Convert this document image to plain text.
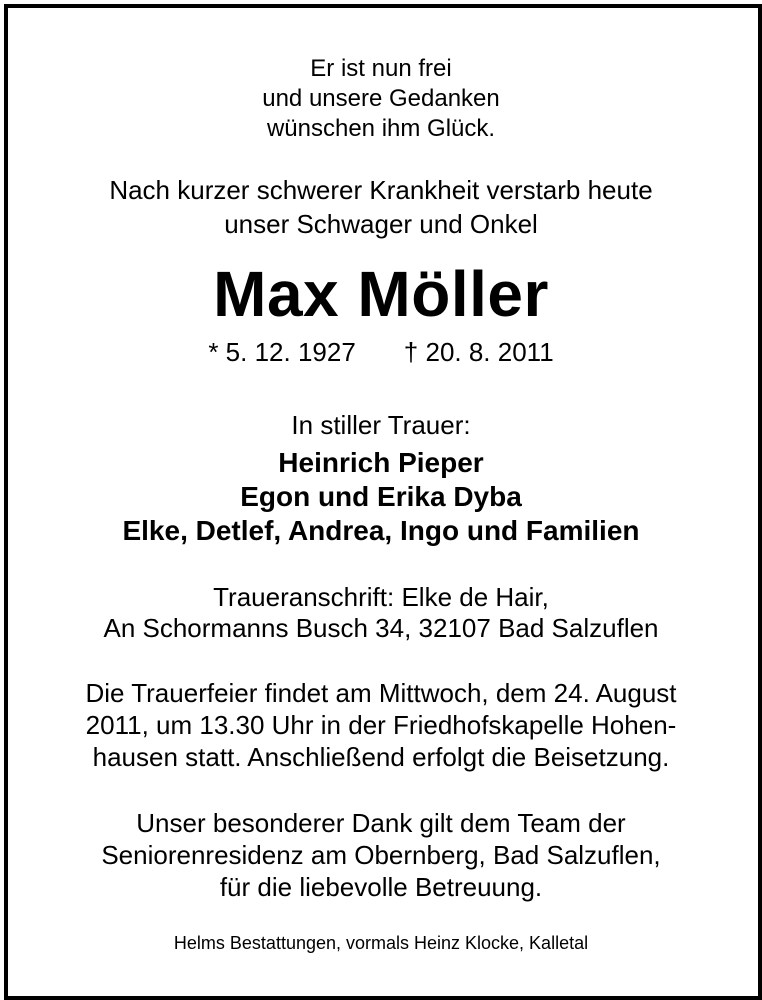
Er ist nun frei
und unsere Gedanken
wünschen ihm Glück.
Nach kurzer schwerer Krankheit verstarb heute
unser Schwager und Onkel
Max Möller
* 5. 12. 1927 † 20. 8. 2011
In stiller Trauer:
Heinrich Pieper
Egon und Erika Dyba
Elke, Detlef, Andrea, Ingo und Familien
Traueranschrift: Elke de Hair,
An Schormanns Busch 34, 32107 Bad Salzuflen
Die Trauerfeier findet am Mittwoch, dem 24. August
2011, um 13.30 Uhr in der Friedhofskapelle Hohen-
hausen statt. Anschließend erfolgt die Beisetzung.
Unser besonderer Dank gilt dem Team der
Seniorenresidenz am Obernberg, Bad Salzuflen,
für die liebevolle Betreuung.
Helms Bestattungen, vormals Heinz Klocke, Kalletal
